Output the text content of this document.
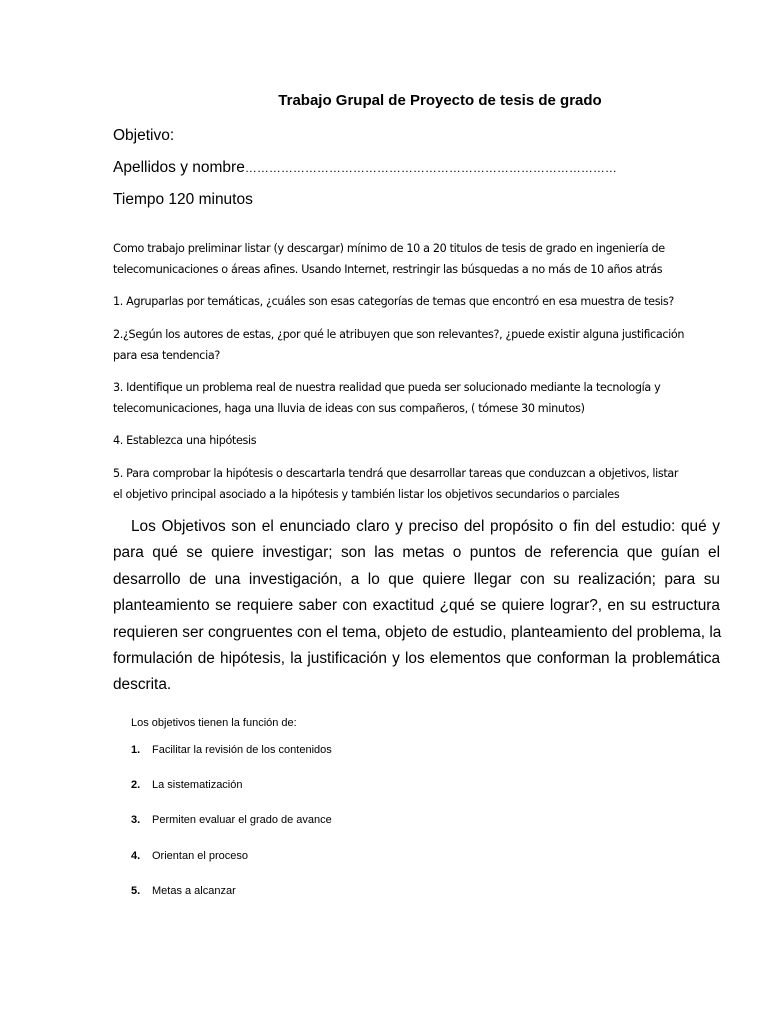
Trabajo Grupal de Proyecto de tesis de grado
Objetivo:
Apellidos y nombre…………………………………………………………………………………
Tiempo 120 minutos
Como trabajo preliminar listar (y descargar) mínimo de 10 a 20 titulos de tesis de grado en ingeniería de
telecomunicaciones o áreas afines. Usando Internet, restringir las búsquedas a no más de 10 años atrás
1. Agruparlas por temáticas, ¿cuáles son esas categorías de temas que encontró en esa muestra de tesis?
2.¿Según los autores de estas, ¿por qué le atribuyen que son relevantes?, ¿puede existir alguna justificación
para esa tendencia?
3. Identifique un problema real de nuestra realidad que pueda ser solucionado mediante la tecnología y
telecomunicaciones, haga una lluvia de ideas con sus compañeros, ( tómese 30 minutos)
4. Establezca una hipótesis
5. Para comprobar la hipótesis o descartarla tendrá que desarrollar tareas que conduzcan a objetivos, listar
el objetivo principal asociado a la hipótesis y también listar los objetivos secundarios o parciales
Los Objetivos son el enunciado claro y preciso del propósito o fin del estudio: qué y
para qué se quiere investigar; son las metas o puntos de referencia que guían el
desarrollo de una investigación, a lo que quiere llegar con su realización; para su
planteamiento se requiere saber con exactitud ¿qué se quiere lograr?, en su estructura
requieren ser congruentes con el tema, objeto de estudio, planteamiento del problema, la
formulación de hipótesis, la justificación y los elementos que conforman la problemática
descrita.
Los objetivos tienen la función de:
1. Facilitar la revisión de los contenidos
2. La sistematización
3. Permiten evaluar el grado de avance
4. Orientan el proceso
5. Metas a alcanzar
